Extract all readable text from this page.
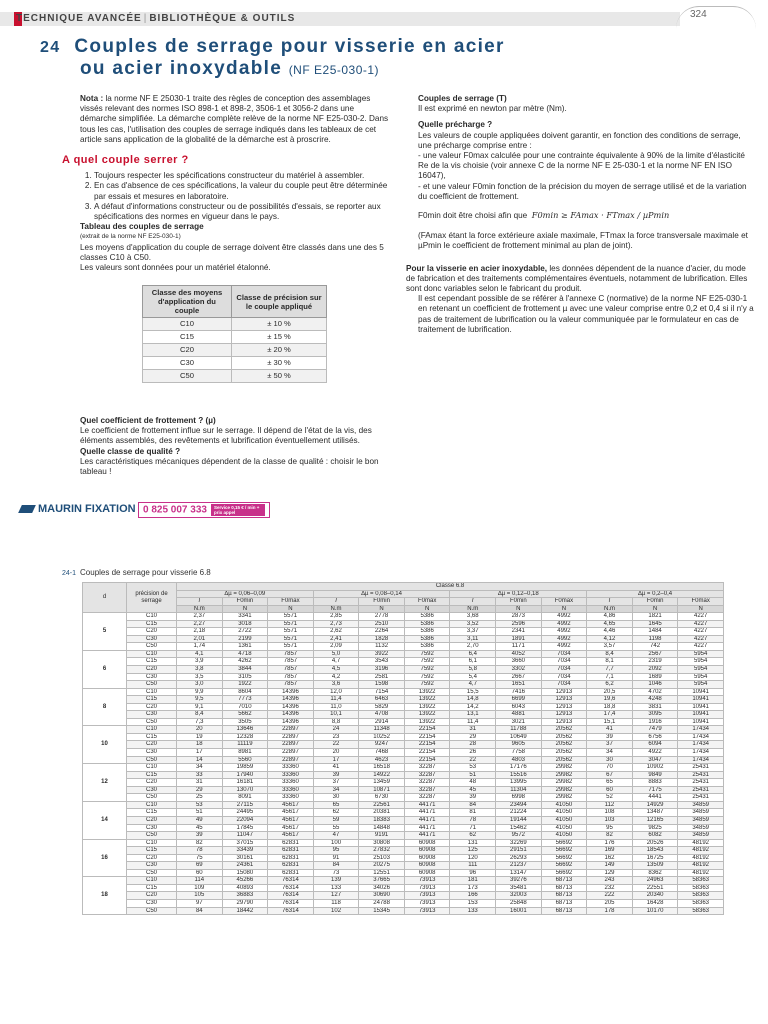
TECHNIQUE AVANCÉE | BIBLIOTHÈQUE & OUTILS	324
24 Couples de serrage pour visserie en acier
ou acier inoxydable (NF E25-030-1)

Nota : la norme NF E 25030-1 traite des règles de conception des assemblages vissés relevant des normes ISO 898-1 et 898-2, 3506-1 et 3056-2 dans une démarche simplifiée. La démarche complète relève de la norme NF E25-030-2. Dans tous les cas, l'utilisation des couples de serrage indiqués dans les tableaux de cet article sans application de la globalité de la démarche est à proscrire.

A quel couple serrer ?
1. Toujours respecter les spécifications constructeur du matériel à assembler.
2. En cas d'absence de ces spécifications, la valeur du couple peut être déterminée par essais et mesures en laboratoire.
3. A défaut d'informations constructeur ou de possibilités d'essais, se reporter aux spécifications des normes en vigueur dans le pays.

Tableau des couples de serrage

(extrait de la norme NF E25-030-1)

Les moyens d'application du couple de serrage doivent être classés dans une des 5 classes C10 à C50.

Les valeurs sont données pour un matériel étalonné.

Classe des moyens d'application du couple	Classe de précision sur le couple appliqué
C10	± 10 %
C15	± 15 %
C20	± 20 %
C30	± 30 %
C50	± 50 %

Quel coefficient de frottement ? (µ)

Le coefficient de frottement influe sur le serrage. Il dépend de l'état de la vis, des éléments assemblés, des revêtements et lubrification éventuellement utilisés.

Quelle classe de qualité ?

Les caractéristiques mécaniques dépendent de la classe de qualité : choisir le bon tableau !

Couples de serrage (T)

Il est exprimé en newton par mètre (Nm).

Quelle précharge ?

Les valeurs de couple appliquées doivent garantir, en fonction des conditions de serrage, une précharge comprise entre :

- une valeur F0max calculée pour une contrainte équivalente à 90% de la limite d'élasticité Re de la vis choisie (voir annexe C de la norme NF E 25-030-1 et la norme NF EN ISO 16047),

- et une valeur F0min fonction de la précision du moyen de serrage utilisé et de la variation du coefficient de frottement.

F0min doit être choisi afin que F0min ≥ FAmax · FTmax / µPmin

(FAmax étant la force extérieure axiale maximale, FTmax la force transversale maximale et µPmin le coefficient de frottement minimal au plan de joint).

Pour la visserie en acier inoxydable, les données dépendent de la nuance d'acier, du mode de fabrication et des traitements complémentaires éventuels, notamment de lubrification. Elles sont donc variables selon le fabricant du produit.

Il est cependant possible de se référer à l'annexe C (normative) de la norme NF E25-030-1 en retenant un coefficient de frottement µ avec une valeur comprise entre 0,2 et 0,4 si il n'y a pas de traitement de lubrification ou la valeur communiquée par le formulateur en cas de traitement de lubrification.

MAURIN FIXATION 0 825 007 333 Service 0,15 € / min + prix appel
24-1 Couples de serrage pour visserie 6.8
d	précision de serrage	Classe 6.8											
		∆µ = 0,06–0,09			∆µ = 0,08–0,14			∆µ = 0,12–0,18			∆µ = 0,2–0,4		
		T	F0min	F0max	T	F0min	F0max	T	F0min	F0max	T	F0min	F0max
		N.m	N	N	N.m	N	N	N.m	N	N	N.m	N	N
5	C10	2,37	3341	5571	2,85	2778	5386	3,68	2873	4992	4,86	1821	4227
	C15	2,27	3018	5571	2,73	2510	5386	3,52	2596	4992	4,65	1645	4227
	C20	2,18	2722	5571	2,62	2264	5386	3,37	2341	4992	4,46	1484	4227
	C30	2,01	2199	5571	2,41	1828	5386	3,11	1891	4992	4,12	1198	4227
	C50	1,74	1361	5571	2,09	1132	5386	2,70	1171	4992	3,57	742	4227
6	C10	4,1	4718	7857	5,0	3922	7592	6,4	4052	7034	8,4	2567	5954
	C15	3,9	4262	7857	4,7	3543	7592	6,1	3660	7034	8,1	2319	5954
	C20	3,8	3844	7857	4,5	3196	7592	5,8	3302	7034	7,7	2092	5954
	C30	3,5	3105	7857	4,2	2581	7592	5,4	2667	7034	7,1	1689	5954
	C50	3,0	1922	7857	3,6	1598	7592	4,7	1651	7034	6,2	1046	5954
8	C10	9,9	8604	14396	12,0	7154	13922	15,5	7416	12913	20,5	4702	10941
	C15	9,5	7773	14396	11,4	6463	13922	14,8	6699	12913	19,6	4248	10941
	C20	9,1	7010	14396	11,0	5829	13922	14,2	6043	12913	18,8	3831	10941
	C30	8,4	5662	14396	10,1	4708	13922	13,1	4881	12913	17,4	3095	10941
	C50	7,3	3505	14396	8,8	2914	13922	11,4	3021	12913	15,1	1916	10941
10	C10	20	13646	22897	24	11348	22154	31	11788	20562	41	7479	17434
	C15	19	12328	22897	23	10252	22154	29	10649	20562	39	6756	17434
	C20	18	11119	22897	22	9247	22154	28	9605	20562	37	6094	17434
	C30	17	8981	22897	20	7468	22154	26	7758	20562	34	4922	17434
	C50	14	5560	22897	17	4623	22154	22	4803	20562	30	3047	17434
12	C10	34	19859	33360	41	16518	32287	53	17176	29982	70	10902	25431
	C15	33	17940	33360	39	14922	32287	51	15516	29982	67	9849	25431
	C20	31	16181	33360	37	13459	32287	48	13995	29982	65	8883	25431
	C30	29	13070	33360	34	10871	32287	45	11304	29982	60	7175	25431
	C50	25	8091	33360	30	6730	32287	39	6998	29982	52	4441	25431
14	C10	53	27115	45617	65	22561	44171	84	23494	41050	112	14929	34859
	C15	51	24495	45617	62	20381	44171	81	21224	41050	108	13487	34859
	C20	49	22094	45617	59	18383	44171	78	19144	41050	103	12165	34859
	C30	45	17845	45617	55	14848	44171	71	15462	41050	95	9825	34859
	C50	39	11047	45617	47	9191	44171	62	9572	41050	82	6082	34859
16	C10	82	37015	62831	100	30808	60908	131	32269	56692	176	20526	48192
	C15	78	33439	62831	95	27832	60908	125	29151	56692	169	18543	48192
	C20	75	30161	62831	91	25103	60908	120	26293	56692	162	16725	48192
	C30	69	24361	62831	84	20275	60908	111	21237	56692	149	13509	48192
	C50	60	15080	62831	73	12551	60908	96	13147	56692	129	8362	48192
18	C10	114	45266	76314	139	37665	73913	181	39276	68713	243	24963	58363
	C15	109	40893	76314	133	34026	73913	173	35481	68713	232	22551	58363
	C20	105	36883	76314	127	30690	73913	166	32003	68713	222	20340	58363
	C30	97	29790	76314	118	24788	73913	153	25848	68713	205	16428	58363
	C50	84	18442	76314	102	15345	73913	133	16001	68713	178	10170	58363
